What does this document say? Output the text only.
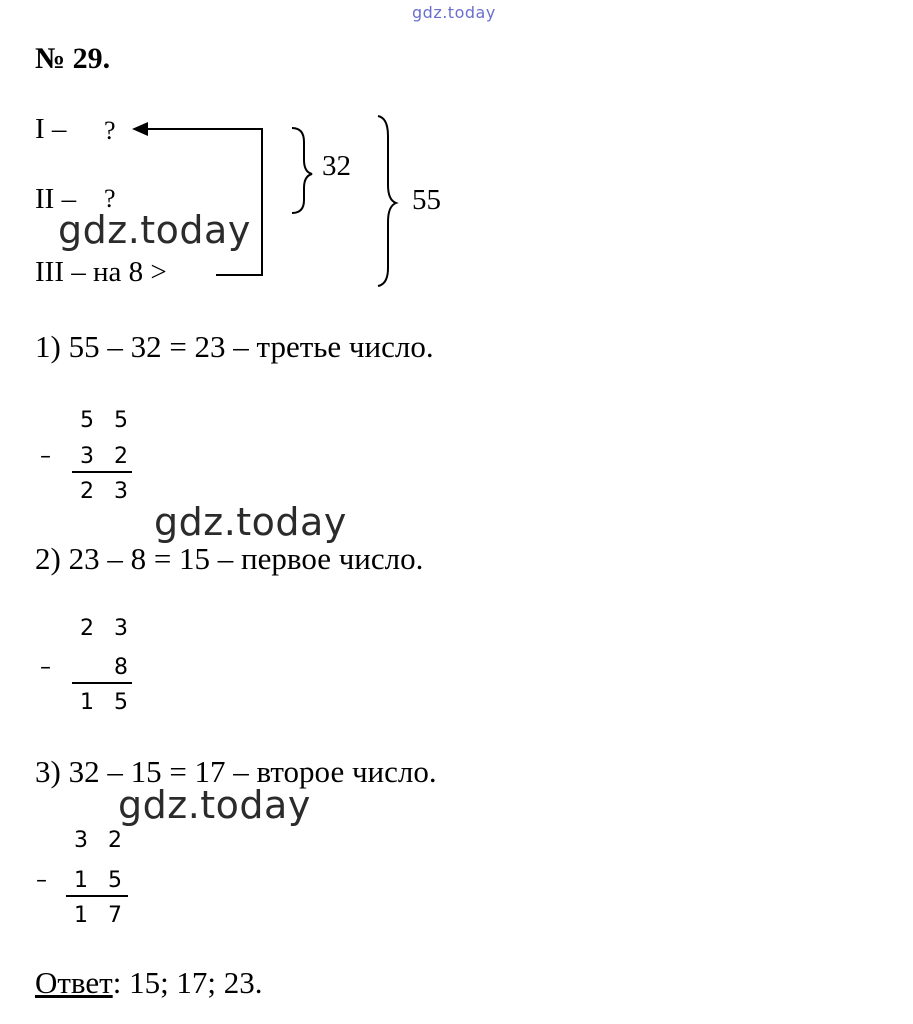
gdz.today
№ 29.
I – ?
II – ?
III – на 8 >
32
55
gdz.today
1) 55 – 32 = 23 – третье число.
5 5
–	3 2
2 3
gdz.today
2) 23 – 8 = 15 – первое число.
2 3
–	8
1 5
3) 32 – 15 = 17 – второе число.
gdz.today
3 2
–	1 5
1 7
Ответ: 15; 17; 23.
